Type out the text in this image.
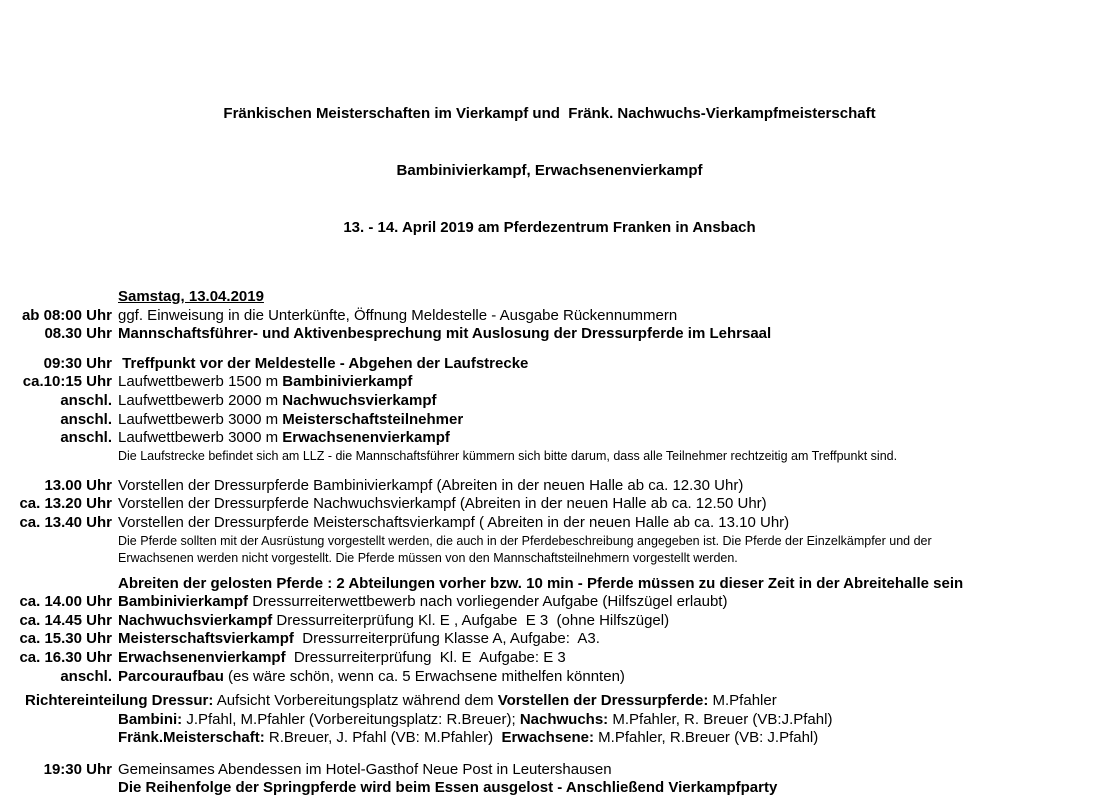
Fränkischen Meisterschaften im Vierkampf und  Fränk. Nachwuchs-Vierkampfmeisterschaft

Bambinivierkampf, Erwachsenenvierkampf

13. - 14. April 2019 am Pferdezentrum Franken in Ansbach

Samstag, 13.04.2019
ab 08:00 Uhr ggf. Einweisung in die Unterkünfte, Öffnung Meldestelle - Ausgabe Rückennummern
08.30 Uhr Mannschaftsführer- und Aktivenbesprechung mit Auslosung der Dressurpferde im Lehrsaal
09:30 Uhr Treffpunkt vor der Meldestelle - Abgehen der Laufstrecke
ca.10:15 Uhr Laufwettbewerb 1500 m Bambinivierkampf
anschl. Laufwettbewerb 2000 m Nachwuchsvierkampf
anschl. Laufwettbewerb 3000 m Meisterschaftsteilnehmer
anschl. Laufwettbewerb 3000 m Erwachsenenvierkampf
Die Laufstrecke befindet sich am LLZ - die Mannschaftsführer kümmern sich bitte darum, dass alle Teilnehmer rechtzeitig am Treffpunkt sind.
13.00 Uhr Vorstellen der Dressurpferde Bambinivierkampf (Abreiten in der neuen Halle ab ca. 12.30 Uhr)
ca. 13.20 Uhr Vorstellen der Dressurpferde Nachwuchsvierkampf (Abreiten in der neuen Halle ab ca. 12.50 Uhr)
ca. 13.40 Uhr Vorstellen der Dressurpferde Meisterschaftsvierkampf ( Abreiten in der neuen Halle ab ca. 13.10 Uhr)
Die Pferde sollten mit der Ausrüstung vorgestellt werden, die auch in der Pferdebeschreibung angegeben ist. Die Pferde der Einzelkämpfer und der Erwachsenen werden nicht vorgestellt. Die Pferde müssen von den Mannschaftsteilnehmern vorgestellt werden.
Abreiten der gelosten Pferde : 2 Abteilungen vorher bzw. 10 min - Pferde müssen zu dieser Zeit in der Abreitehalle sein
ca. 14.00 Uhr Bambinivierkampf Dressurreiterwettbewerb nach vorliegender Aufgabe (Hilfszügel erlaubt)
ca. 14.45 Uhr Nachwuchsvierkampf Dressurreiterprüfung Kl. E , Aufgabe  E 3  (ohne Hilfszügel)
ca. 15.30 Uhr Meisterschaftsvierkampf  Dressurreiterprüfung Klasse A, Aufgabe:  A3.
ca. 16.30 Uhr Erwachsenenvierkampf  Dressurreiterprüfung  Kl. E  Aufgabe: E 3
anschl. Parcouraufbau (es wäre schön, wenn ca. 5 Erwachsene mithelfen könnten)
Richtereinteilung Dressur: Aufsicht Vorbereitungsplatz während dem Vorstellen der Dressurpferde: M.Pfahler
Bambini: J.Pfahl, M.Pfahler (Vorbereitungsplatz: R.Breuer); Nachwuchs: M.Pfahler, R. Breuer (VB:J.Pfahl)
Fränk.Meisterschaft: R.Breuer, J. Pfahl (VB: M.Pfahler)  Erwachsene: M.Pfahler, R.Breuer (VB: J.Pfahl)
19:30 Uhr Gemeinsames Abendessen im Hotel-Gasthof Neue Post in Leutershausen
Die Reihenfolge der Springpferde wird beim Essen ausgelost - Anschließend Vierkampfparty
